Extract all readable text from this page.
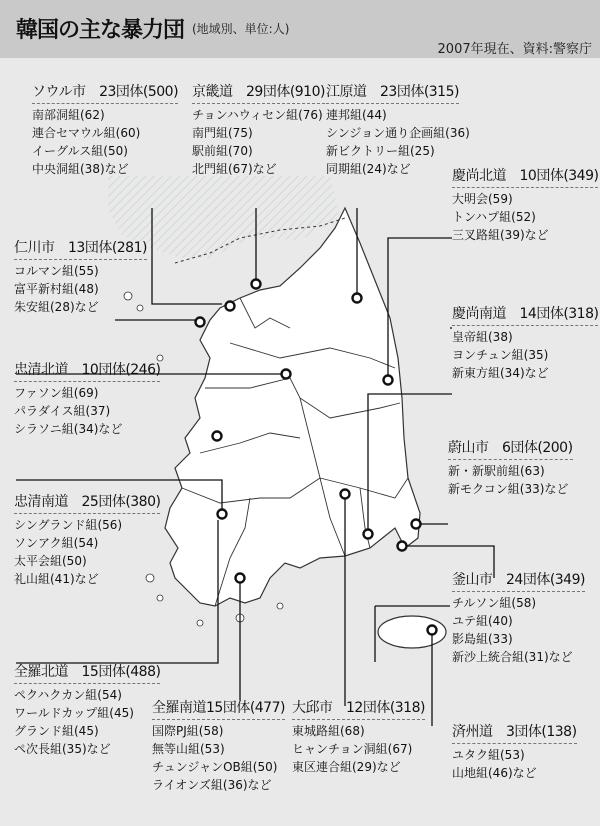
韓国の主な暴力団 (地域別、単位:人)
2007年現在、資料:警察庁
ソウル市　23団体(500)
南部洞組(62)
連合セマウル組(60)
イーグルス組(50)
中央洞組(38)など
京畿道　29団体(910)
チョンハウィセン組(76)
南門組(75)
駅前組(70)
北門組(67)など
江原道　23団体(315)
連邦組(44)
シンジョン通り企画組(36)
新ビクトリー組(25)
同期組(24)など	慶尚北道　10団体(349)
大明会(59)
トンハプ組(52)
三叉路組(39)など
仁川市　13団体(281)
コルマン組(55)
富平新村組(48)
朱安組(28)など	慶尚南道　14団体(318)
皇帝組(38)
ヨンチュン組(35)
新東方組(34)など
忠清北道　10団体(246)
ファソン組(69)
パラダイス組(37)
シラソニ組(34)など
蔚山市　6団体(200)
新・新駅前組(63)
新モクコン組(33)など
忠清南道　25団体(380)
シングランド組(56)
ソンアク組(54)
太平会組(50)
礼山組(41)など	釜山市　24団体(349)
チルソン組(58)
ユテ組(40)
影島組(33)
新沙上統合組(31)など
全羅北道　15団体(488)
ペクハクカン組(54)
ワールドカップ組(45)
グランド組(45)
ペ次長組(35)など
全羅南道15団体(477)
国際PJ組(58)
無等山組(53)
チュンジャンOB組(50)
ライオンズ組(36)など
大邱市　12団体(318)
東城路組(68)
ヒャンチョン洞組(67)
東区連合組(29)など
済州道　3団体(138)
ユタク組(53)
山地組(46)など
